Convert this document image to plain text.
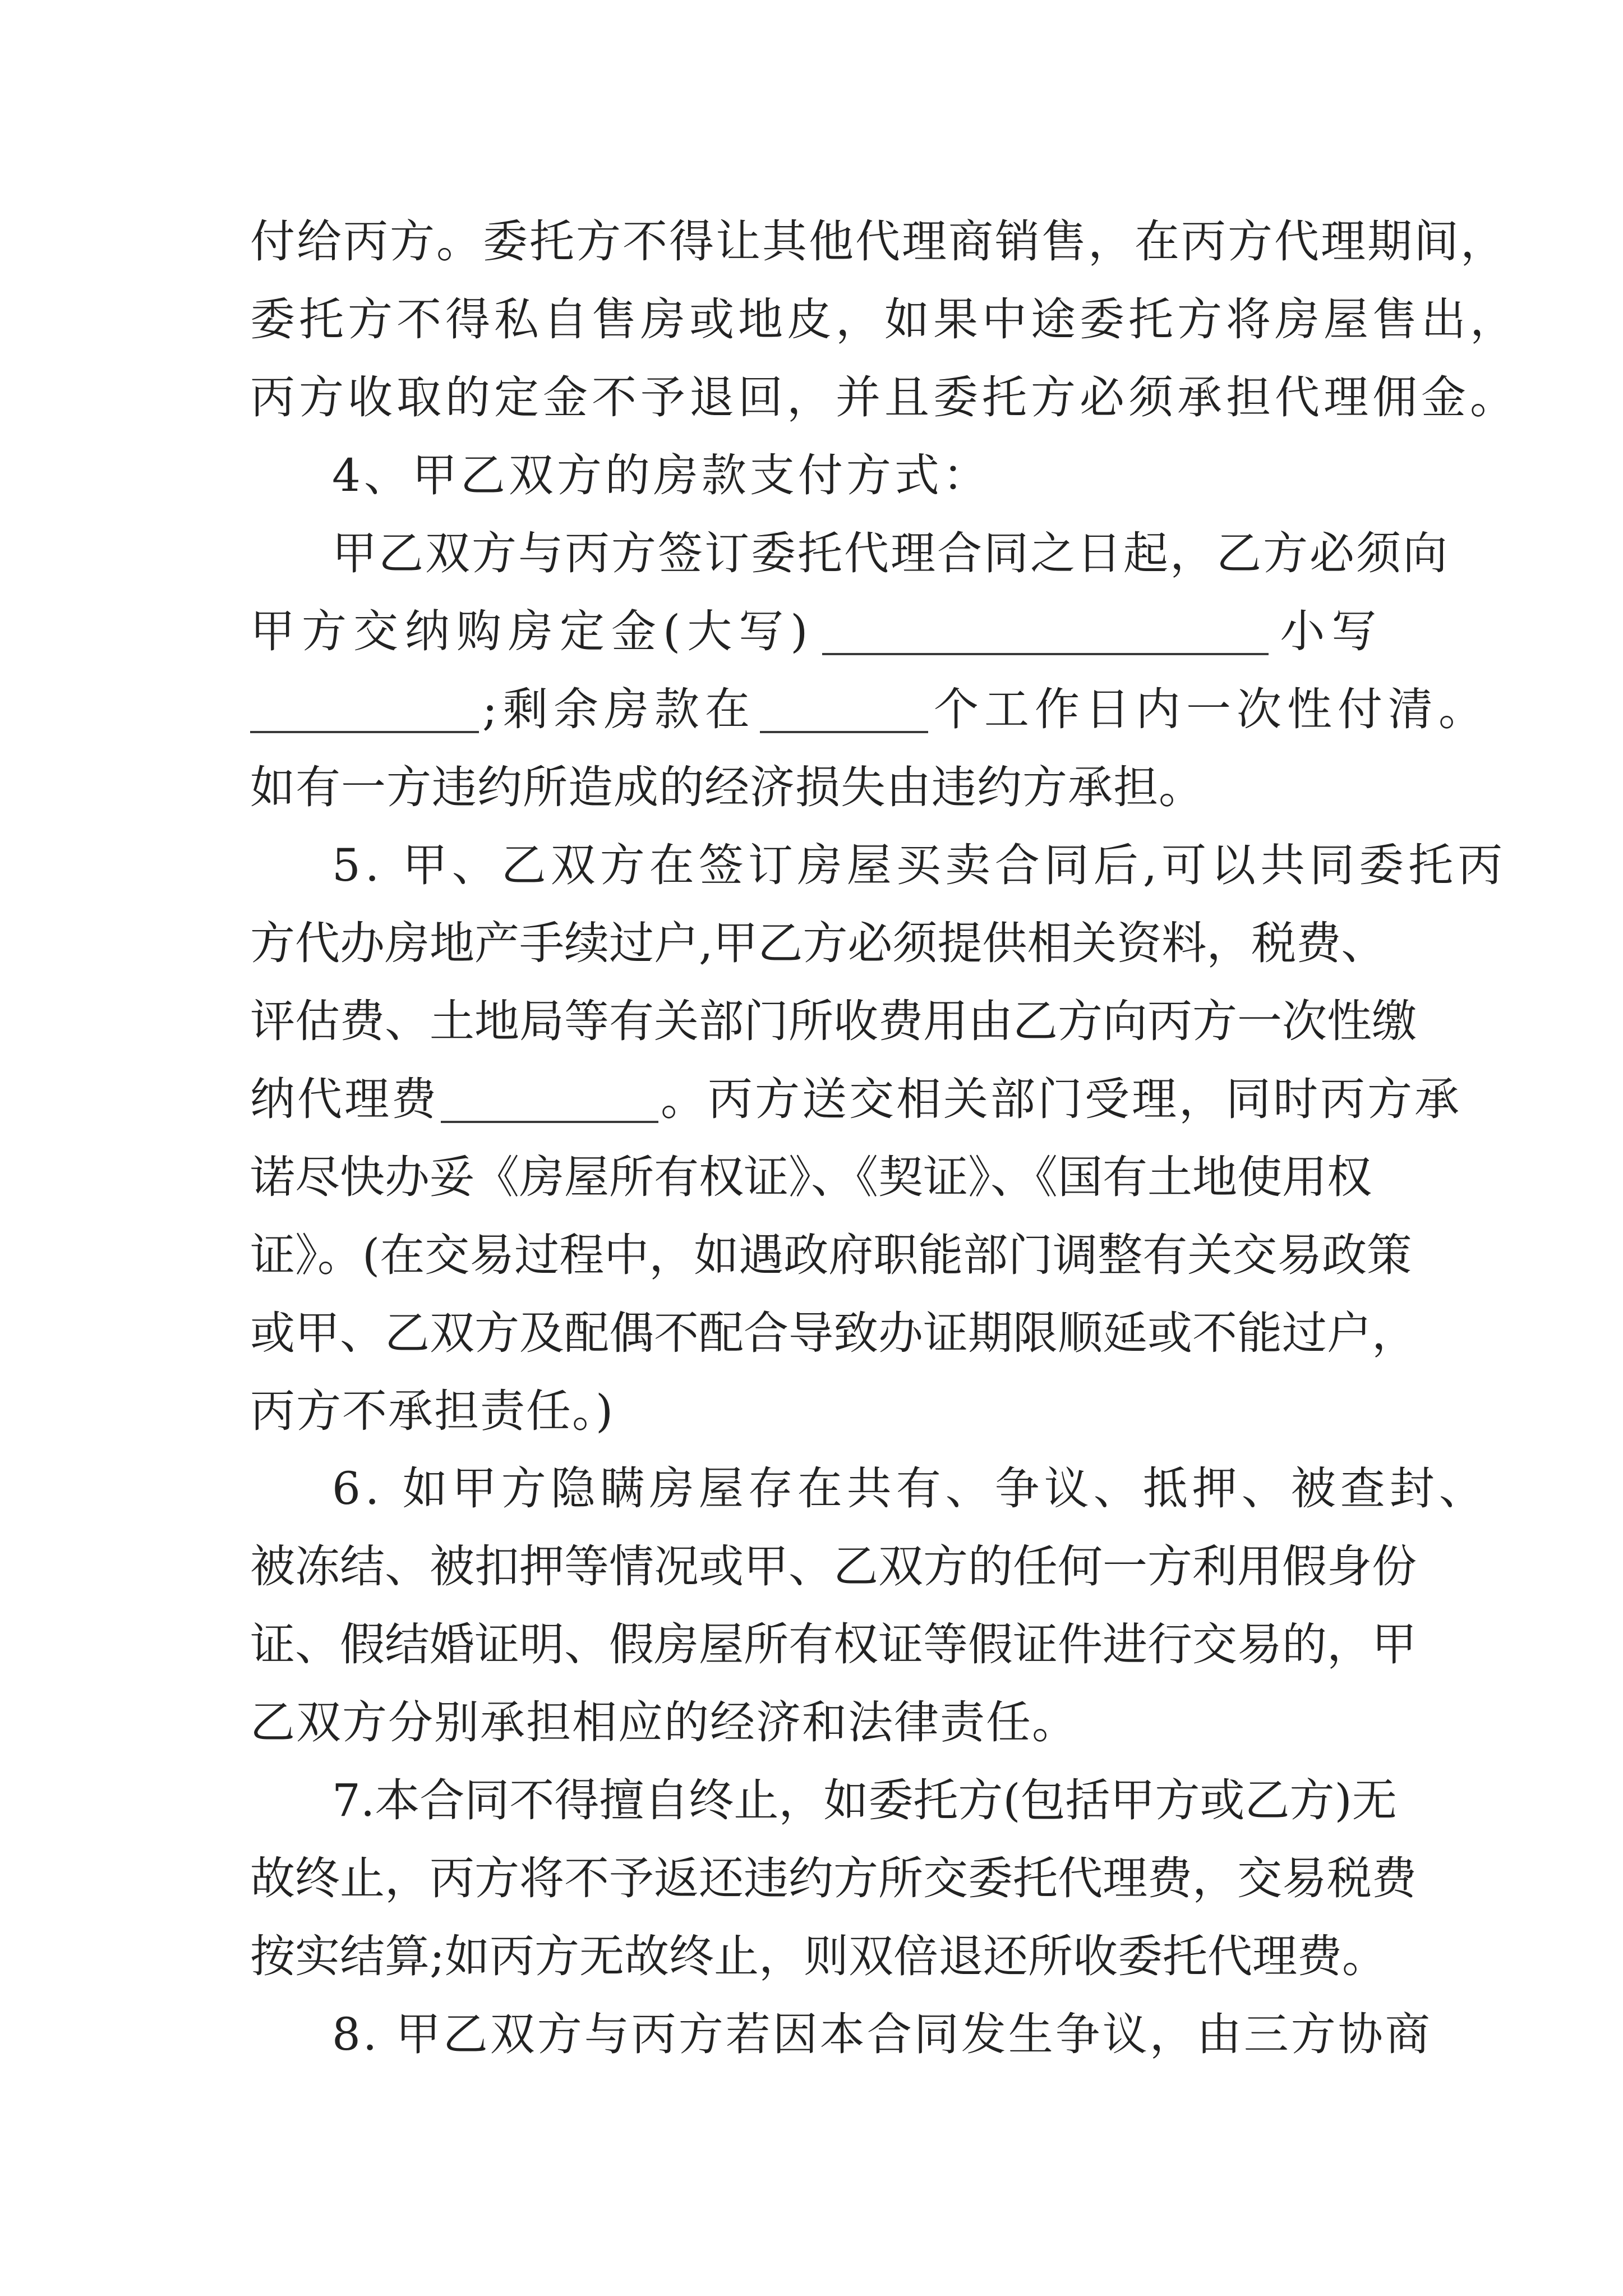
付给丙方。委托方不得让其他代理商销售，在丙方代理期间，
委托方不得私自售房或地皮，如果中途委托方将房屋售出，
丙方收取的定金不予退回，并且委托方必须承担代理佣金。
4、甲乙双方的房款支付方式：
甲乙双方与丙方签订委托代理合同之日起，乙方必须向
甲方交纳购房定金(大写)	小写
;剩余房款在	个工作日内一次性付清。
如有一方违约所造成的经济损失由违约方承担。
5. 甲、乙双方在签订房屋买卖合同后,可以共同委托丙
方代办房地产手续过户,甲乙方必须提供相关资料，税费、
评估费、土地局等有关部门所收费用由乙方向丙方一次性缴
纳代理费	。丙方送交相关部门受理，同时丙方承
诺尽快办妥《房屋所有权证》、《契证》、《国有土地使用权
证》。(在交易过程中，如遇政府职能部门调整有关交易政策
或甲、乙双方及配偶不配合导致办证期限顺延或不能过户，
丙方不承担责任。)
6. 如甲方隐瞒房屋存在共有、争议、抵押、被查封、
被冻结、被扣押等情况或甲、乙双方的任何一方利用假身份
证、假结婚证明、假房屋所有权证等假证件进行交易的，甲
乙双方分别承担相应的经济和法律责任。
7.本合同不得擅自终止，如委托方(包括甲方或乙方)无
故终止，丙方将不予返还违约方所交委托代理费，交易税费
按实结算;如丙方无故终止，则双倍退还所收委托代理费。
8. 甲乙双方与丙方若因本合同发生争议，由三方协商
